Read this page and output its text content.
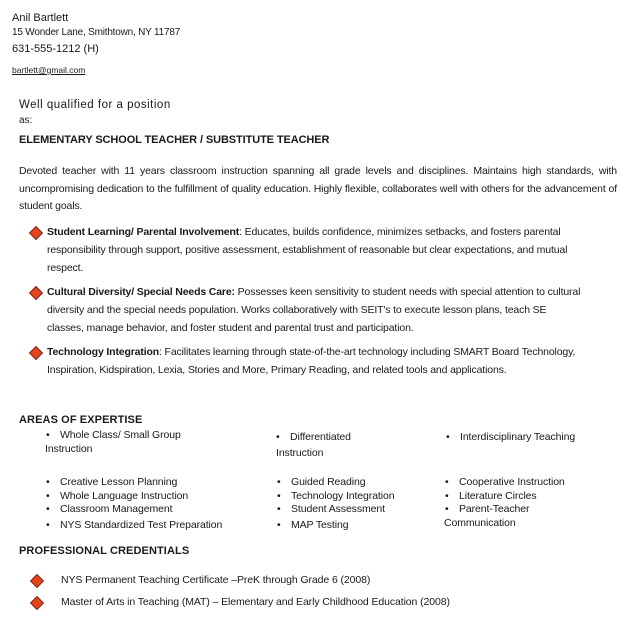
Anil Bartlett
15 Wonder Lane, Smithtown, NY 11787
631-555-1212 (H)
bartlett@gmail.com
Well qualified for a position
as:
ELEMENTARY SCHOOL TEACHER / SUBSTITUTE TEACHER
Devoted teacher with 11 years classroom instruction spanning all grade levels and disciplines. Maintains high standards, with uncompromising dedication to the fulfillment of quality education. Highly flexible, collaborates well with others for the advancement of student goals.
Student Learning/ Parental Involvement: Educates, builds confidence, minimizes setbacks, and fosters parental responsibility through support, positive assessment, establishment of reasonable but clear expectations, and mutual respect.
Cultural Diversity/ Special Needs Care: Possesses keen sensitivity to student needs with special attention to cultural diversity and the special needs population. Works collaboratively with SEIT's to execute lesson plans, teach SE classes, manage behavior, and foster student and parental trust and participation.
Technology Integration: Facilitates learning through state-of-the-art technology including SMART Board Technology, Inspiration, Kidspiration, Lexia, Stories and More, Primary Reading, and related tools and applications.
AREAS OF EXPERTISE
• Whole Class/ Small Group
Instruction
• Differentiated
Instruction
• Interdisciplinary Teaching
• Creative Lesson Planning
• Whole Language Instruction
• Classroom Management
• NYS Standardized Test Preparation
• Guided Reading
• Technology Integration
• Student Assessment
• MAP Testing
• Cooperative Instruction
• Literature Circles
• Parent-Teacher
Communication
PROFESSIONAL CREDENTIALS
NYS Permanent Teaching Certificate –PreK through Grade 6 (2008)
Master of Arts in Teaching (MAT) – Elementary and Early Childhood Education (2008)
